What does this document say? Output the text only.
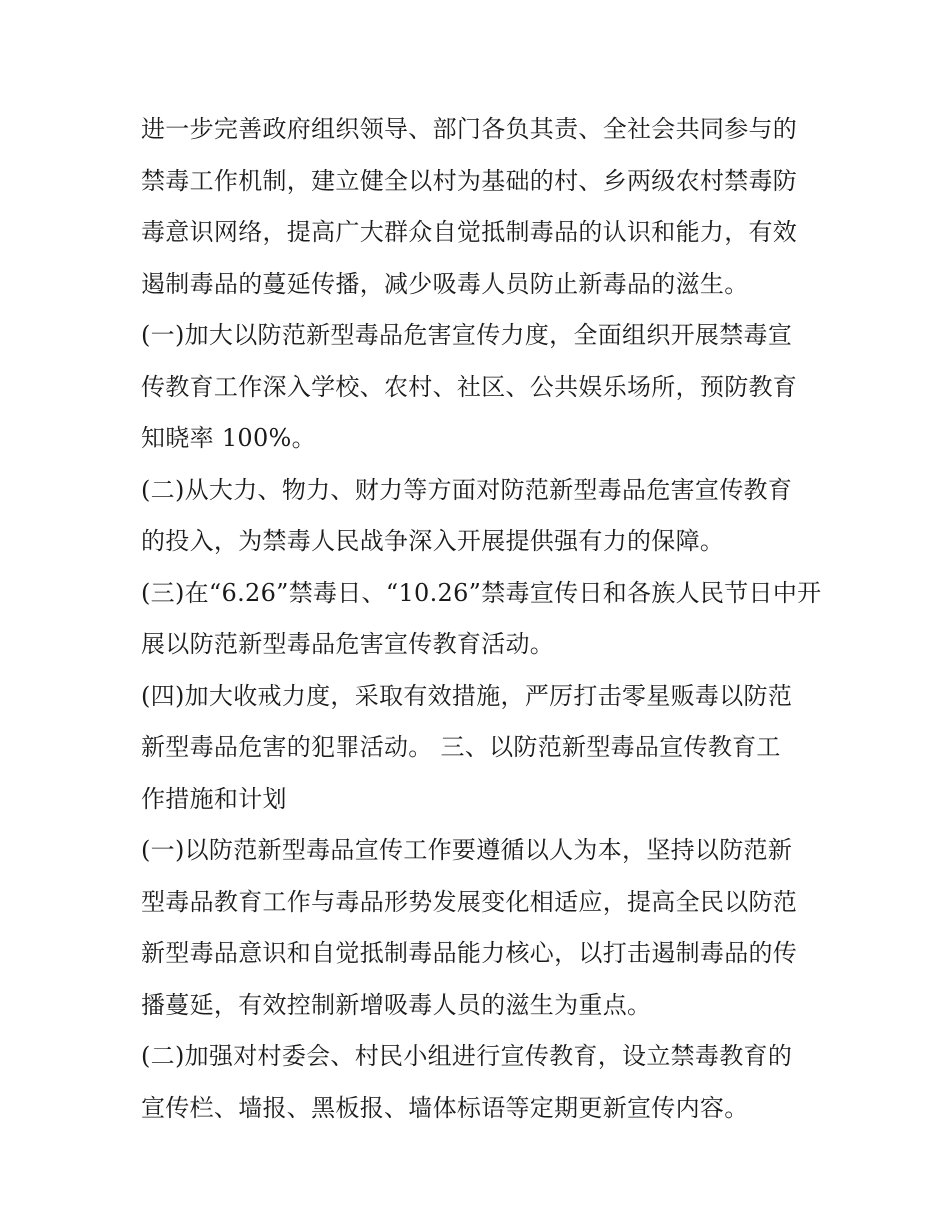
进一步完善政府组织领导、部门各负其责、全社会共同参与的
禁毒工作机制，建立健全以村为基础的村、乡两级农村禁毒防
毒意识网络，提高广大群众自觉抵制毒品的认识和能力，有效
遏制毒品的蔓延传播，减少吸毒人员防止新毒品的滋生。
(一)加大以防范新型毒品危害宣传力度，全面组织开展禁毒宣
传教育工作深入学校、农村、社区、公共娱乐场所，预防教育
知晓率 100%。
(二)从大力、物力、财力等方面对防范新型毒品危害宣传教育
的投入，为禁毒人民战争深入开展提供强有力的保障。
(三)在“6.26”禁毒日、“10.26”禁毒宣传日和各族人民节日中开
展以防范新型毒品危害宣传教育活动。
(四)加大收戒力度，采取有效措施，严厉打击零星贩毒以防范
新型毒品危害的犯罪活动。 三、以防范新型毒品宣传教育工
作措施和计划
(一)以防范新型毒品宣传工作要遵循以人为本，坚持以防范新
型毒品教育工作与毒品形势发展变化相适应，提高全民以防范
新型毒品意识和自觉抵制毒品能力核心，以打击遏制毒品的传
播蔓延，有效控制新增吸毒人员的滋生为重点。
(二)加强对村委会、村民小组进行宣传教育，设立禁毒教育的
宣传栏、墙报、黑板报、墙体标语等定期更新宣传内容。
